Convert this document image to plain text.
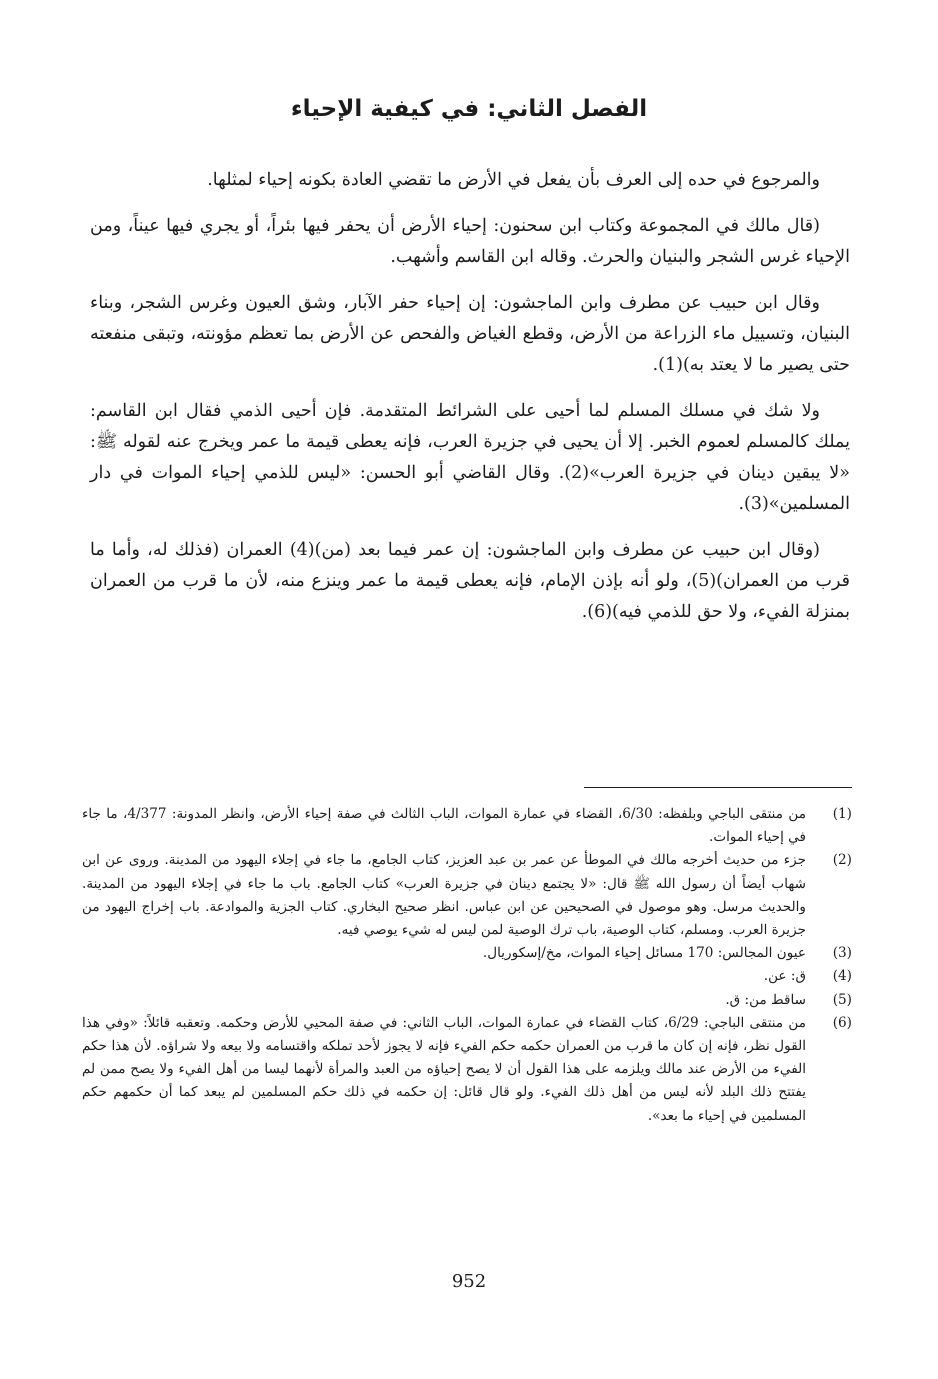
الفصل الثاني: في كيفية الإحياء

والمرجوع في حده إلى العرف بأن يفعل في الأرض ما تقضي العادة بكونه إحياء لمثلها.

(قال مالك في المجموعة وكتاب ابن سحنون: إحياء الأرض أن يحفر فيها بئراً، أو يجري فيها عيناً، ومن الإحياء غرس الشجر والبنيان والحرث. وقاله ابن القاسم وأشهب.

وقال ابن حبيب عن مطرف وابن الماجشون: إن إحياء حفر الآبار، وشق العيون وغرس الشجر، وبناء البنيان، وتسييل ماء الزراعة من الأرض، وقطع الغياض والفحص عن الأرض بما تعظم مؤونته، وتبقى منفعته حتى يصير ما لا يعتد به)(1).

ولا شك في مسلك المسلم لما أحيى على الشرائط المتقدمة. فإن أحيى الذمي فقال ابن القاسم: يملك كالمسلم لعموم الخبر. إلا أن يحيى في جزيرة العرب، فإنه يعطى قيمة ما عمر ويخرج عنه لقوله ﷺ: «لا يبقين دينان في جزيرة العرب»(2). وقال القاضي أبو الحسن: «ليس للذمي إحياء الموات في دار المسلمين»(3).

(وقال ابن حبيب عن مطرف وابن الماجشون: إن عمر فيما بعد (من)(4) العمران (فذلك له، وأما ما قرب من العمران)(5)، ولو أنه بإذن الإمام، فإنه يعطى قيمة ما عمر وينزع منه، لأن ما قرب من العمران بمنزلة الفيء، ولا حق للذمي فيه)(6).

(1)
من منتقى الباجي وبلفظه: 6/30، القضاء في عمارة الموات، الباب الثالث في صفة إحياء الأرض، وانظر المدونة: 4/377، ما جاء في إحياء الموات.
(2)
جزء من حديث أخرجه مالك في الموطأ عن عمر بن عبد العزيز، كتاب الجامع، ما جاء في إجلاء اليهود من المدينة. وروى عن ابن شهاب أيضاً أن رسول الله ﷺ قال: «لا يجتمع دينان في جزيرة العرب» كتاب الجامع. باب ما جاء في إجلاء اليهود من المدينة. والحديث مرسل. وهو موصول في الصحيحين عن ابن عباس. انظر صحيح البخاري. كتاب الجزية والموادعة. باب إخراج اليهود من جزيرة العرب. ومسلم، كتاب الوصية، باب ترك الوصية لمن ليس له شيء يوصي فيه.
(3)
عيون المجالس: 170 مسائل إحياء الموات، مخ/إسكوريال.
(4)
ق: عن.
(5)
ساقط من: ق.
(6)
من منتقى الباجي: 6/29، كتاب القضاء في عمارة الموات، الباب الثاني: في صفة المحيي للأرض وحكمه. وتعقبه قائلاً: «وفي هذا القول نظر، فإنه إن كان ما قرب من العمران حكمه حكم الفيء فإنه لا يجوز لأحد تملكه واقتسامه ولا بيعه ولا شراؤه. لأن هذا حكم الفيء من الأرض عند مالك ويلزمه على هذا القول أن لا يصح إحياؤه من العبد والمرأة لأنهما ليسا من أهل الفيء ولا يصح ممن لم يفتتح ذلك البلد لأنه ليس من أهل ذلك الفيء. ولو قال قائل: إن حكمه في ذلك حكم المسلمين لم يبعد كما أن حكمهم حكم المسلمين في إحياء ما بعد».
952
